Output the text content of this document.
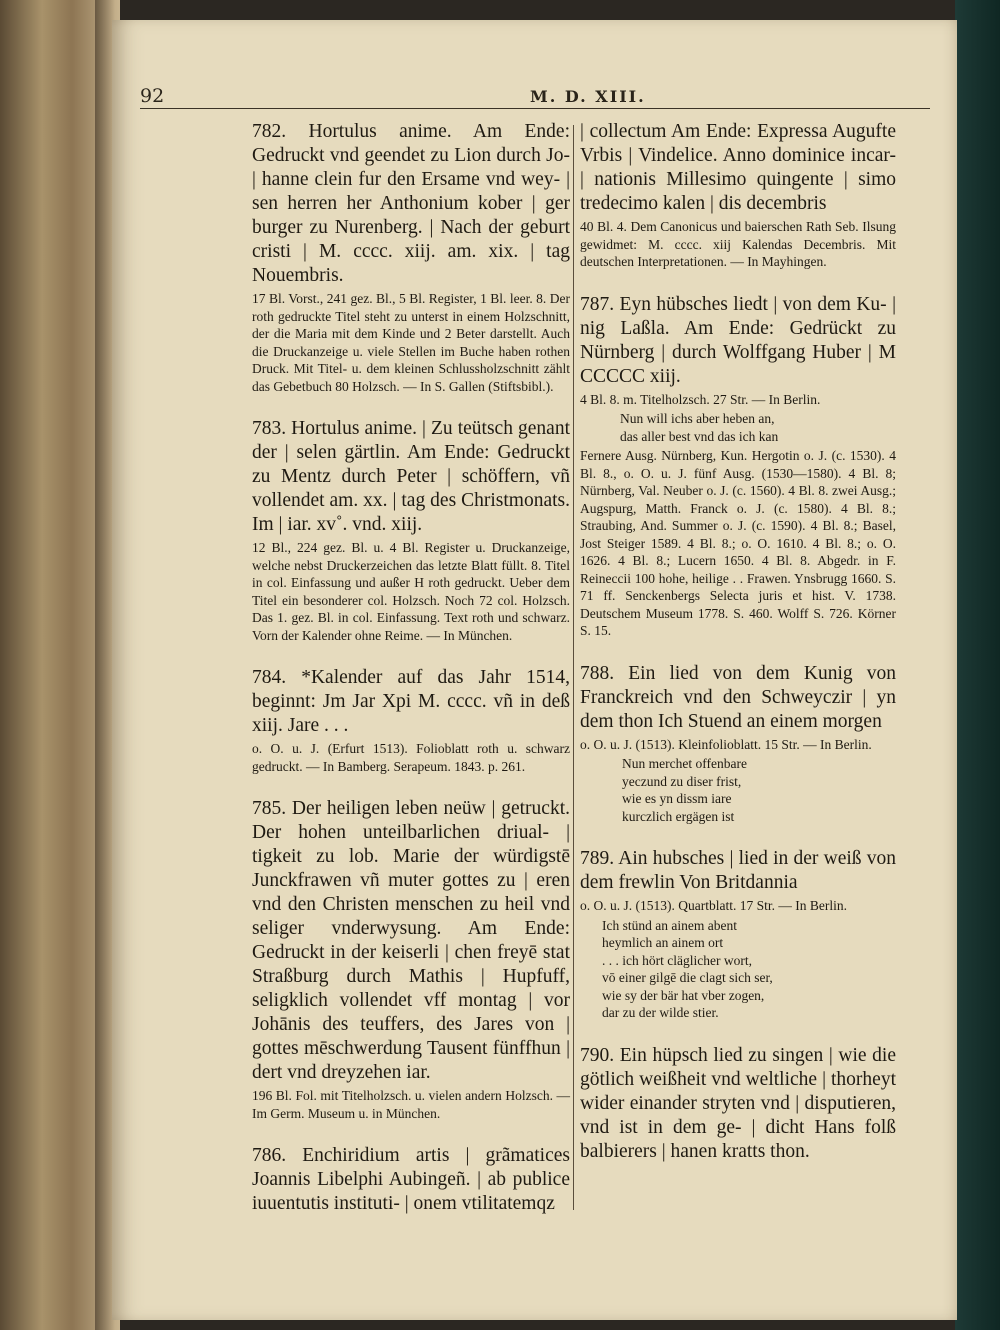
92	M. D. XIII.

782. Hortulus anime. Am Ende: Gedruckt vnd geendet zu Lion durch Jo- | hanne clein fur den Ersame vnd wey- | sen herren her Anthonium kober | ger burger zu Nurenberg. | Nach der geburt cristi | M. cccc. xiij. am. xix. | tag Nouembris.

17 Bl. Vorst., 241 gez. Bl., 5 Bl. Register, 1 Bl. leer. 8. Der roth gedruckte Titel steht zu unterst in einem Holzschnitt, der die Maria mit dem Kinde und 2 Beter darstellt. Auch die Druckanzeige u. viele Stellen im Buche haben rothen Druck. Mit Titel- u. dem kleinen Schlussholzschnitt zählt das Gebetbuch 80 Holzsch. — In S. Gallen (Stiftsbibl.).

783. Hortulus anime. | Zu teütsch genant der | selen gärtlin. Am Ende: Gedruckt zu Mentz durch Peter | schöffern, vñ vollendet am. xx. | tag des Christmonats. Im | iar. xv˚. vnd. xiij.

12 Bl., 224 gez. Bl. u. 4 Bl. Register u. Druckanzeige, welche nebst Druckerzeichen das letzte Blatt füllt. 8. Titel in col. Einfassung und außer H roth gedruckt. Ueber dem Titel ein besonderer col. Holzsch. Noch 72 col. Holzsch. Das 1. gez. Bl. in col. Einfassung. Text roth und schwarz. Vorn der Kalender ohne Reime. — In München.

784. *Kalender auf das Jahr 1514, beginnt: Jm Jar Xpi M. cccc. vñ in deß xiij. Jare . . .

o. O. u. J. (Erfurt 1513). Folioblatt roth u. schwarz gedruckt. — In Bamberg. Serapeum. 1843. p. 261.

785. Der heiligen leben neüw | getruckt. Der hohen unteilbarlichen driual- | tigkeit zu lob. Marie der würdigstē Junckfrawen vñ muter gottes zu | eren vnd den Christen menschen zu heil vnd seliger vnderwysung. Am Ende: Gedruckt in der keiserli | chen freyē stat Straßburg durch Mathis | Hupfuff, seligklich vollendet vff montag | vor Johānis des teuffers, des Jares von | gottes mēschwerdung Tausent fünffhun | dert vnd dreyzehen iar.

196 Bl. Fol. mit Titelholzsch. u. vielen andern Holzsch. — Im Germ. Museum u. in München.

786. Enchiridium artis | grãmatices Joannis Libelphi Aubingeñ. | ab publice iuuentutis instituti- | onem vtilitatemqz

| collectum Am Ende: Expressa Augufte Vrbis | Vindelice. Anno dominice incar- | nationis Millesimo quingente | simo tredecimo kalen | dis decembris

40 Bl. 4. Dem Canonicus und baierschen Rath Seb. Ilsung gewidmet: M. cccc. xiij Kalendas Decembris. Mit deutschen Interpretationen. — In Mayhingen.

787. Eyn hübsches liedt | von dem Ku- | nig Laßla. Am Ende: Gedrückt zu Nürnberg | durch Wolffgang Huber | M CCCCC xiij.

4 Bl. 8. m. Titelholzsch. 27 Str. — In Berlin.

Nun will ichs aber heben an,
das aller best vnd das ich kan

Fernere Ausg. Nürnberg, Kun. Hergotin o. J. (c. 1530). 4 Bl. 8., o. O. u. J. fünf Ausg. (1530—1580). 4 Bl. 8; Nürnberg, Val. Neuber o. J. (c. 1560). 4 Bl. 8. zwei Ausg.; Augspurg, Matth. Franck o. J. (c. 1580). 4 Bl. 8.; Straubing, And. Summer o. J. (c. 1590). 4 Bl. 8.; Basel, Jost Steiger 1589. 4 Bl. 8.; o. O. 1610. 4 Bl. 8.; o. O. 1626. 4 Bl. 8.; Lucern 1650. 4 Bl. 8. Abgedr. in F. Reineccii 100 hohe, heilige . . Frawen. Ynsbrugg 1660. S. 71 ff. Senckenbergs Selecta juris et hist. V. 1738. Deutschem Museum 1778. S. 460. Wolff S. 726. Körner S. 15.

788. Ein lied von dem Kunig von Franckreich vnd den Schweyczir | yn dem thon Ich Stuend an einem morgen

o. O. u. J. (1513). Kleinfolioblatt. 15 Str. — In Berlin.

Nun merchet offenbare
yeczund zu diser frist,
wie es yn dissm iare
kurczlich ergägen ist

789. Ain hubsches | lied in der weiß von dem frewlin Von Britdannia

o. O. u. J. (1513). Quartblatt. 17 Str. — In Berlin.

Ich stünd an ainem abent
heymlich an ainem ort
. . . ich hört cläglicher wort,
vō einer gilgē die clagt sich ser,
wie sy der bär hat vber zogen,
dar zu der wilde stier.

790. Ein hüpsch lied zu singen | wie die götlich weißheit vnd weltliche | thorheyt wider einander stryten vnd | disputieren, vnd ist in dem ge- | dicht Hans folß balbierers | hanen kratts thon.
